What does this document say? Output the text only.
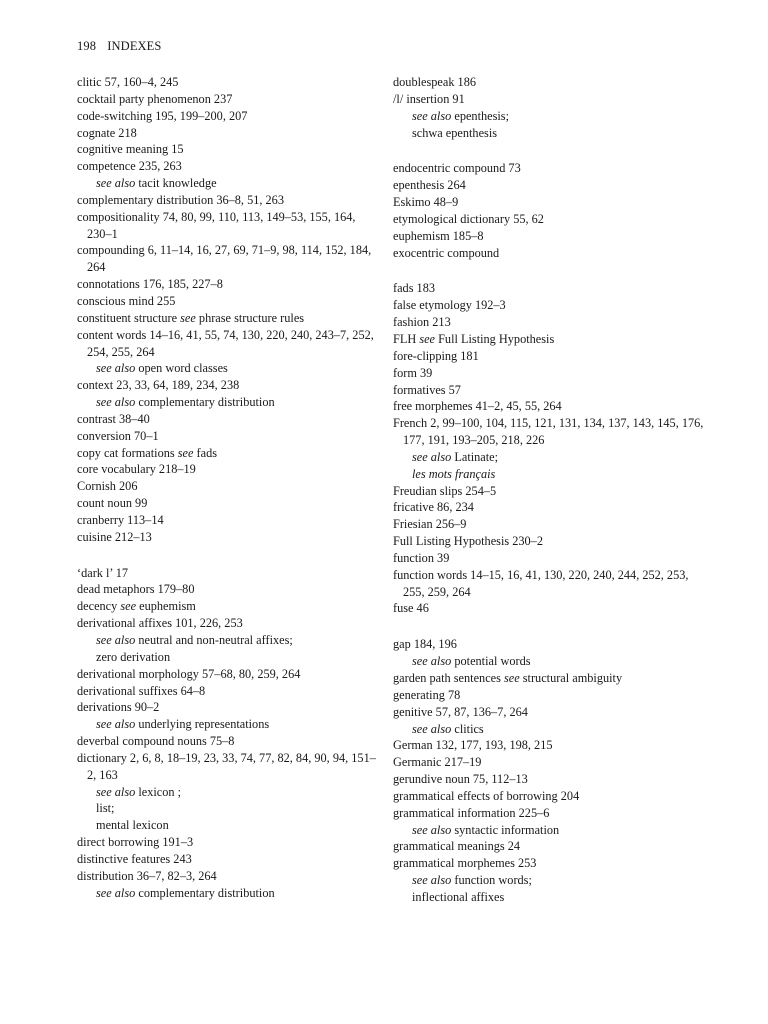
198 INDEXES

clitic 57, 160–4, 245

cocktail party phenomenon 237

code-switching 195, 199–200, 207

cognate 218

cognitive meaning 15

competence 235, 263

see also tacit knowledge

complementary distribution 36–8, 51, 263

compositionality 74, 80, 99, 110, 113, 149–53, 155, 164, 230–1

compounding 6, 11–14, 16, 27, 69, 71–9, 98, 114, 152, 184, 264

connotations 176, 185, 227–8

conscious mind 255

constituent structure see phrase structure rules

content words 14–16, 41, 55, 74, 130, 220, 240, 243–7, 252, 254, 255, 264

see also open word classes

context 23, 33, 64, 189, 234, 238

see also complementary distribution

contrast 38–40

conversion 70–1

copy cat formations see fads

core vocabulary 218–19

Cornish 206

count noun 99

cranberry 113–14

cuisine 212–13

‘dark l’ 17

dead metaphors 179–80

decency see euphemism

derivational affixes 101, 226, 253

see also neutral and non-neutral affixes;

zero derivation

derivational morphology 57–68, 80, 259, 264

derivational suffixes 64–8

derivations 90–2

see also underlying representations

deverbal compound nouns 75–8

dictionary 2, 6, 8, 18–19, 23, 33, 74, 77, 82, 84, 90, 94, 151–2, 163

see also lexicon ;

list;

mental lexicon

direct borrowing 191–3

distinctive features 243

distribution 36–7, 82–3, 264

see also complementary distribution

doublespeak 186

/l/ insertion 91

see also epenthesis;

schwa epenthesis

endocentric compound 73

epenthesis 264

Eskimo 48–9

etymological dictionary 55, 62

euphemism 185–8

exocentric compound

fads 183

false etymology 192–3

fashion 213

FLH see Full Listing Hypothesis

fore-clipping 181

form 39

formatives 57

free morphemes 41–2, 45, 55, 264

French 2, 99–100, 104, 115, 121, 131, 134, 137, 143, 145, 176, 177, 191, 193–205, 218, 226

see also Latinate;

les mots français

Freudian slips 254–5

fricative 86, 234

Friesian 256–9

Full Listing Hypothesis 230–2

function 39

function words 14–15, 16, 41, 130, 220, 240, 244, 252, 253, 255, 259, 264

fuse 46

gap 184, 196

see also potential words

garden path sentences see structural ambiguity

generating 78

genitive 57, 87, 136–7, 264

see also clitics

German 132, 177, 193, 198, 215

Germanic 217–19

gerundive noun 75, 112–13

grammatical effects of borrowing 204

grammatical information 225–6

see also syntactic information

grammatical meanings 24

grammatical morphemes 253

see also function words;

inflectional affixes
